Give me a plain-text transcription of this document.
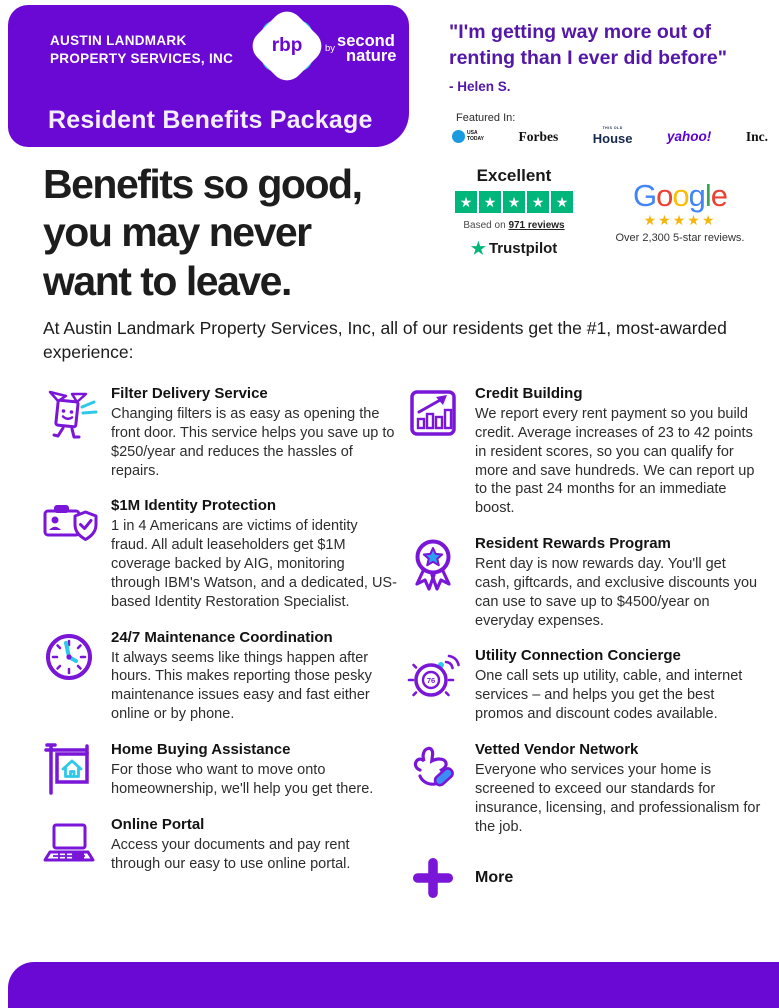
AUSTIN LANDMARK
PROPERTY SERVICES, INC
rbp	$^{by}$ second
nature
Resident Benefits Package
"I'm getting way more out of
renting than I ever did before"
- Helen S.
Featured In:
USA
TODAY	Forbes
THIS OLD
House	yahoo!	Inc.
Excellent
★
★
★
★
★
Based on 971 reviews
★ Trustpilot
Google
★★★★★
Over 2,300 5-star reviews.
Benefits so good,
you may never
want to leave.
At Austin Landmark Property Services, Inc, all of our residents get the #1, most-awarded experience:
Filter Delivery Service
Changing filters is as easy as opening the front door. This service helps you save up to $250/year and reduces the hassles of repairs.
$1M Identity Protection
1 in 4 Americans are victims of identity fraud. All adult leaseholders get $1M coverage backed by AIG, monitoring through IBM's Watson, and a dedicated, US-based Identity Restoration Specialist.
24/7 Maintenance Coordination
It always seems like things happen after hours. This makes reporting those pesky maintenance issues easy and fast either online or by phone.
Home Buying Assistance
For those who want to move onto homeownership, we'll help you get there.
Online Portal
Access your documents and pay rent through our easy to use online portal.
Credit Building
We report every rent payment so you build credit. Average increases of 23 to 42 points in resident scores, so you can qualify for more and save hundreds. We can report up to the past 24 months for an immediate boost.
Resident Rewards Program
Rent day is now rewards day. You'll get cash, giftcards, and exclusive discounts you can use to save up to $4500/year on everyday expenses.
76
Utility Connection Concierge
One call sets up utility, cable, and internet services – and helps you get the best promos and discount codes available.
Vetted Vendor Network
Everyone who services your home is screened to exceed our standards for insurance, licensing, and professionalism for the job.
More
